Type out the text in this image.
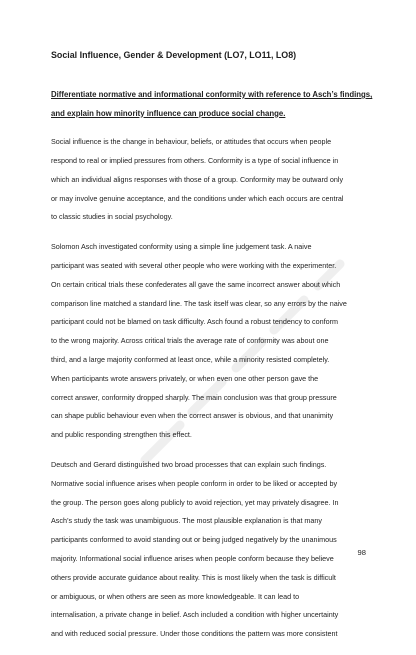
Social Influence, Gender & Development (LO7, LO11, LO8)
Differentiate normative and informational conformity with reference to Asch’s findings,
and explain how minority influence can produce social change.
Social influence is the change in behaviour, beliefs, or attitudes that occurs when people
respond to real or implied pressures from others. Conformity is a type of social influence in
which an individual aligns responses with those of a group. Conformity may be outward only
or may involve genuine acceptance, and the conditions under which each occurs are central
to classic studies in social psychology.
Solomon Asch investigated conformity using a simple line judgement task. A naive
participant was seated with several other people who were working with the experimenter.
On certain critical trials these confederates all gave the same incorrect answer about which
comparison line matched a standard line. The task itself was clear, so any errors by the naive
participant could not be blamed on task difficulty. Asch found a robust tendency to conform
to the wrong majority. Across critical trials the average rate of conformity was about one
third, and a large majority conformed at least once, while a minority resisted completely.
When participants wrote answers privately, or when even one other person gave the
correct answer, conformity dropped sharply. The main conclusion was that group pressure
can shape public behaviour even when the correct answer is obvious, and that unanimity
and public responding strengthen this effect.
Deutsch and Gerard distinguished two broad processes that can explain such findings.
Normative social influence arises when people conform in order to be liked or accepted by
the group. The person goes along publicly to avoid rejection, yet may privately disagree. In
Asch’s study the task was unambiguous. The most plausible explanation is that many
participants conformed to avoid standing out or being judged negatively by the unanimous
majority. Informational social influence arises when people conform because they believe
others provide accurate guidance about reality. This is most likely when the task is difficult
or ambiguous, or when others are seen as more knowledgeable. It can lead to
internalisation, a private change in belief. Asch included a condition with higher uncertainty
and with reduced social pressure. Under those conditions the pattern was more consistent
98
